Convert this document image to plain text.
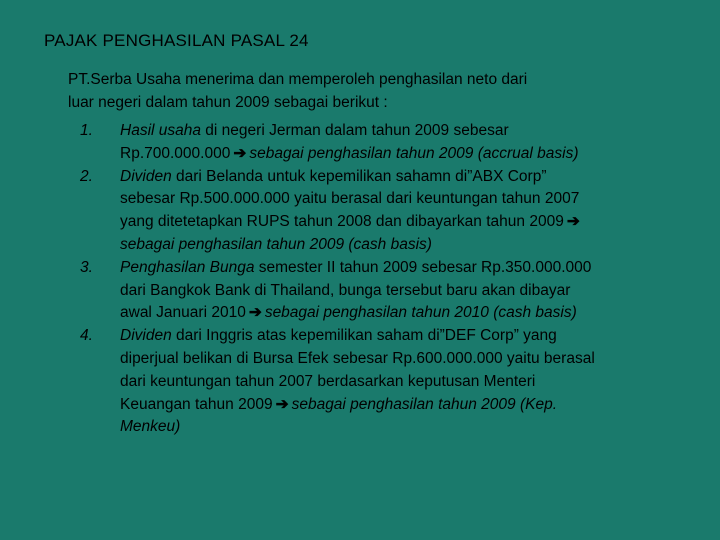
PAJAK PENGHASILAN PASAL 24
PT.Serba Usaha menerima dan memperoleh penghasilan neto dari
luar negeri dalam tahun 2009 sebagai berikut :
1. Hasil usaha di negeri Jerman dalam tahun 2009 sebesar
Rp.700.000.000 ➔ sebagai penghasilan tahun 2009 (accrual basis)
2. Dividen dari Belanda untuk kepemilikan sahamn di”ABX Corp”
sebesar Rp.500.000.000 yaitu berasal dari keuntungan tahun 2007
yang ditetetapkan RUPS tahun 2008 dan dibayarkan tahun 2009 ➔
sebagai penghasilan tahun 2009 (cash basis)
3. Penghasilan Bunga semester II tahun 2009 sebesar Rp.350.000.000
dari Bangkok Bank di Thailand, bunga tersebut baru akan dibayar
awal Januari 2010 ➔ sebagai penghasilan tahun 2010 (cash basis)
4. Dividen dari Inggris atas kepemilikan saham di”DEF Corp” yang
diperjual belikan di Bursa Efek sebesar Rp.600.000.000 yaitu berasal
dari keuntungan tahun 2007 berdasarkan keputusan Menteri
Keuangan tahun 2009 ➔ sebagai penghasilan tahun 2009 (Kep.
Menkeu)
